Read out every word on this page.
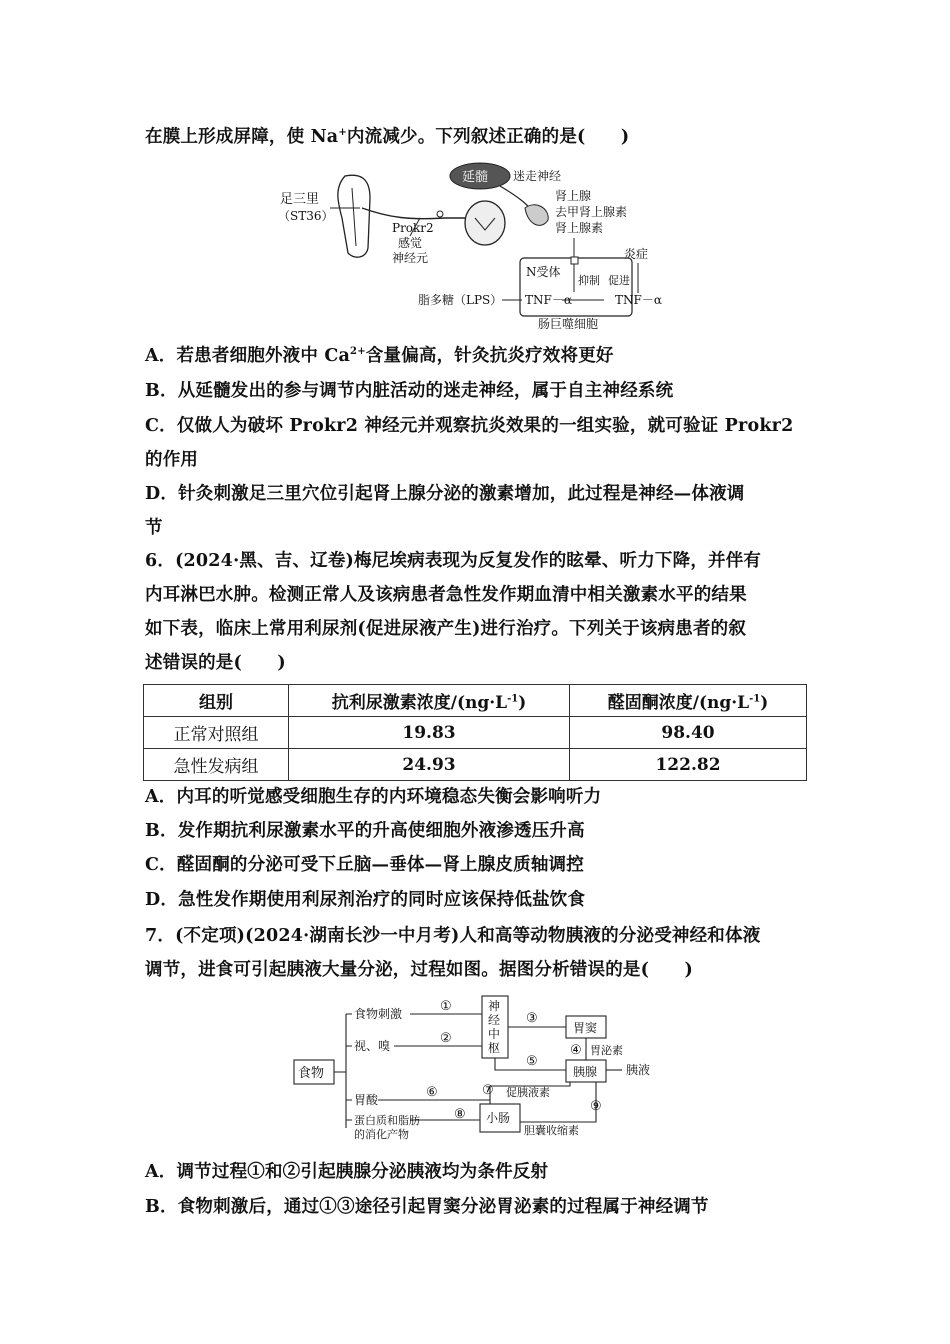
在膜上形成屏障，使 Na+内流减少。下列叙述正确的是(　　)
延髓 迷走神经
肾上腺
去甲肾上腺素
肾上腺素
足三里
（ST36）
Prokr2
感觉
神经元
N受体
抑制
TNF－α	TNF－α
促进
炎症
脂多糖（LPS）
肠巨噬细胞
A．若患者细胞外液中 $Ca^{2+}$含量偏高，针灸抗炎疗效将更好
B．从延髓发出的参与调节内脏活动的迷走神经，属于自主神经系统
C．仅做人为破坏 Prokr2 神经元并观察抗炎效果的一组实验，就可验证 Prokr2
的作用
D．针灸刺激足三里穴位引起肾上腺分泌的激素增加，此过程是神经—体液调
节
6．(2024·黑、吉、辽卷)梅尼埃病表现为反复发作的眩晕、听力下降，并伴有
内耳淋巴水肿。检测正常人及该病患者急性发作期血清中相关激素水平的结果
如下表，临床上常用利尿剂(促进尿液产生)进行治疗。下列关于该病患者的叙
述错误的是(　　)
组别	抗利尿激素浓度$/(ng\cdot L^{-1})$	醛固酮浓度$/(ng\cdot L^{-1})$
正常对照组	19.83	98.40
急性发病组	24.93	122.82
A．内耳的听觉感受细胞生存的内环境稳态失衡会影响听力
B．发作期抗利尿激素水平的升高使细胞外液渗透压升高
C．醛固酮的分泌可受下丘脑—垂体—肾上腺皮质轴调控
D．急性发作期使用利尿剂治疗的同时应该保持低盐饮食
7．(不定项)(2024·湖南长沙一中月考)人和高等动物胰液的分泌受神经和体液
调节，进食可引起胰液大量分泌，过程如图。据图分析错误的是(　　)
食物
食物刺激
视、嗅
胃酸
蛋白质和脂肪
的消化产物
神
经
中
枢
胃窦
胃泌素
胰腺 胰液
促胰液素
小肠
胆囊收缩素
①
②
③
④
⑤
⑥	⑦
⑧
⑨
A．调节过程①和②引起胰腺分泌胰液均为条件反射
B．食物刺激后，通过①③途径引起胃窦分泌胃泌素的过程属于神经调节
